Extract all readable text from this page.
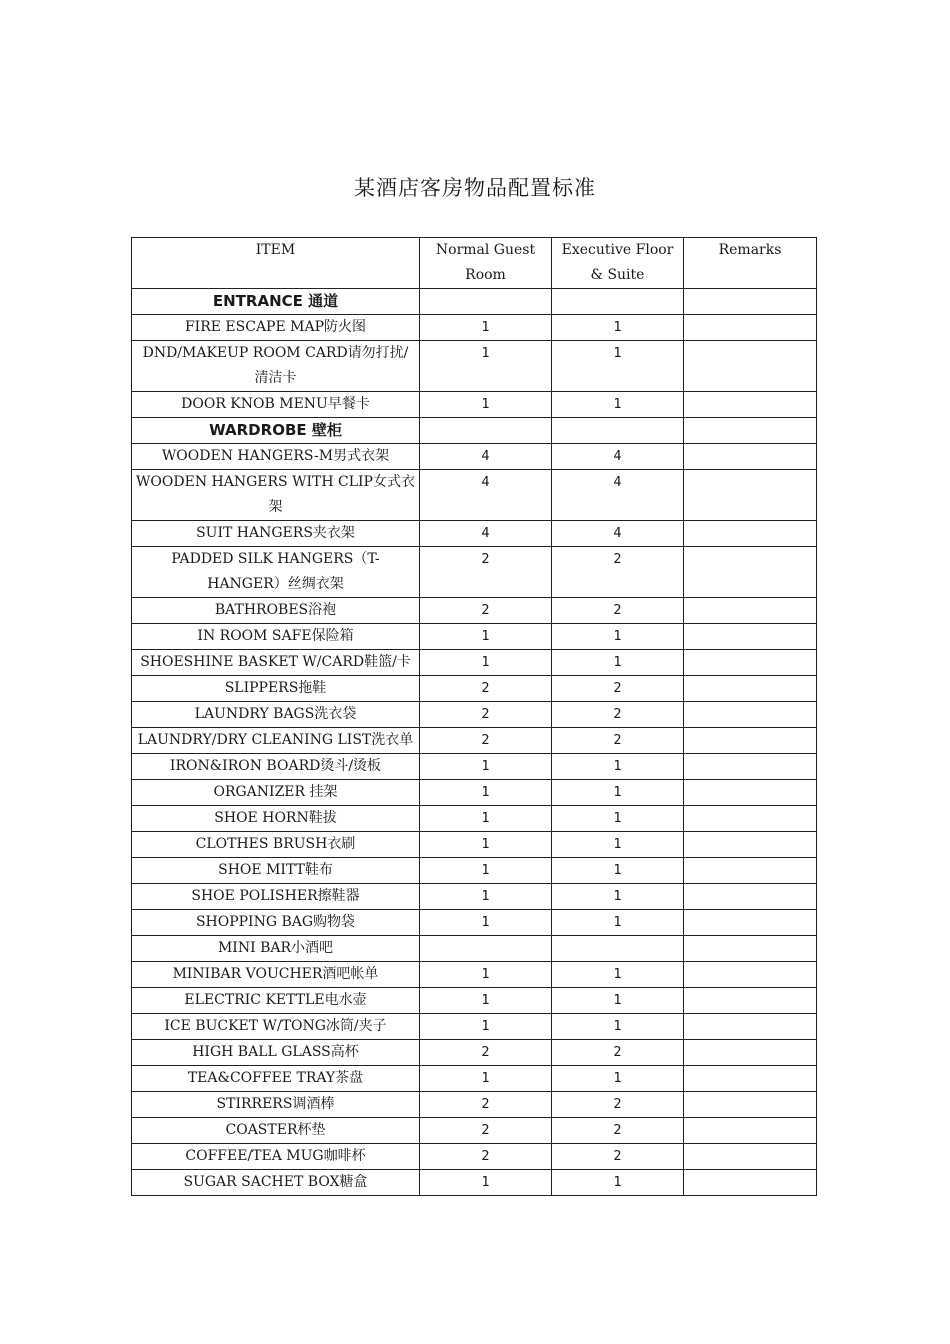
某酒店客房物品配置标准
ITEM	Normal Guest Room	Executive Floor & Suite	Remarks
ENTRANCE 通道			
FIRE ESCAPE MAP防火图	1	1	
DND/MAKEUP ROOM CARD请勿打扰/清洁卡	1	1	
DOOR KNOB MENU早餐卡	1	1	
WARDROBE 壁柜			
WOODEN HANGERS-M男式衣架	4	4	
WOODEN HANGERS WITH CLIP女式衣架	4	4	
SUIT HANGERS夹衣架	4	4	
PADDED SILK HANGERS（T-HANGER）丝绸衣架	2	2	
BATHROBES浴袍	2	2	
IN ROOM SAFE保险箱	1	1	
SHOESHINE BASKET W/CARD鞋篮/卡	1	1	
SLIPPERS拖鞋	2	2	
LAUNDRY BAGS洗衣袋	2	2	
LAUNDRY/DRY CLEANING LIST洗衣单	2	2	
IRON&IRON BOARD烫斗/烫板	1	1	
ORGANIZER 挂架	1	1	
SHOE HORN鞋拔	1	1	
CLOTHES BRUSH衣刷	1	1	
SHOE MITT鞋布	1	1	
SHOE POLISHER擦鞋器	1	1	
SHOPPING BAG购物袋	1	1	
MINI BAR小酒吧			
MINIBAR VOUCHER酒吧帐单	1	1	
ELECTRIC KETTLE电水壶	1	1	
ICE BUCKET W/TONG冰筒/夹子	1	1	
HIGH BALL GLASS高杯	2	2	
TEA&COFFEE TRAY茶盘	1	1	
STIRRERS调酒棒	2	2	
COASTER杯垫	2	2	
COFFEE/TEA MUG咖啡杯	2	2	
SUGAR SACHET BOX糖盒	1	1	
